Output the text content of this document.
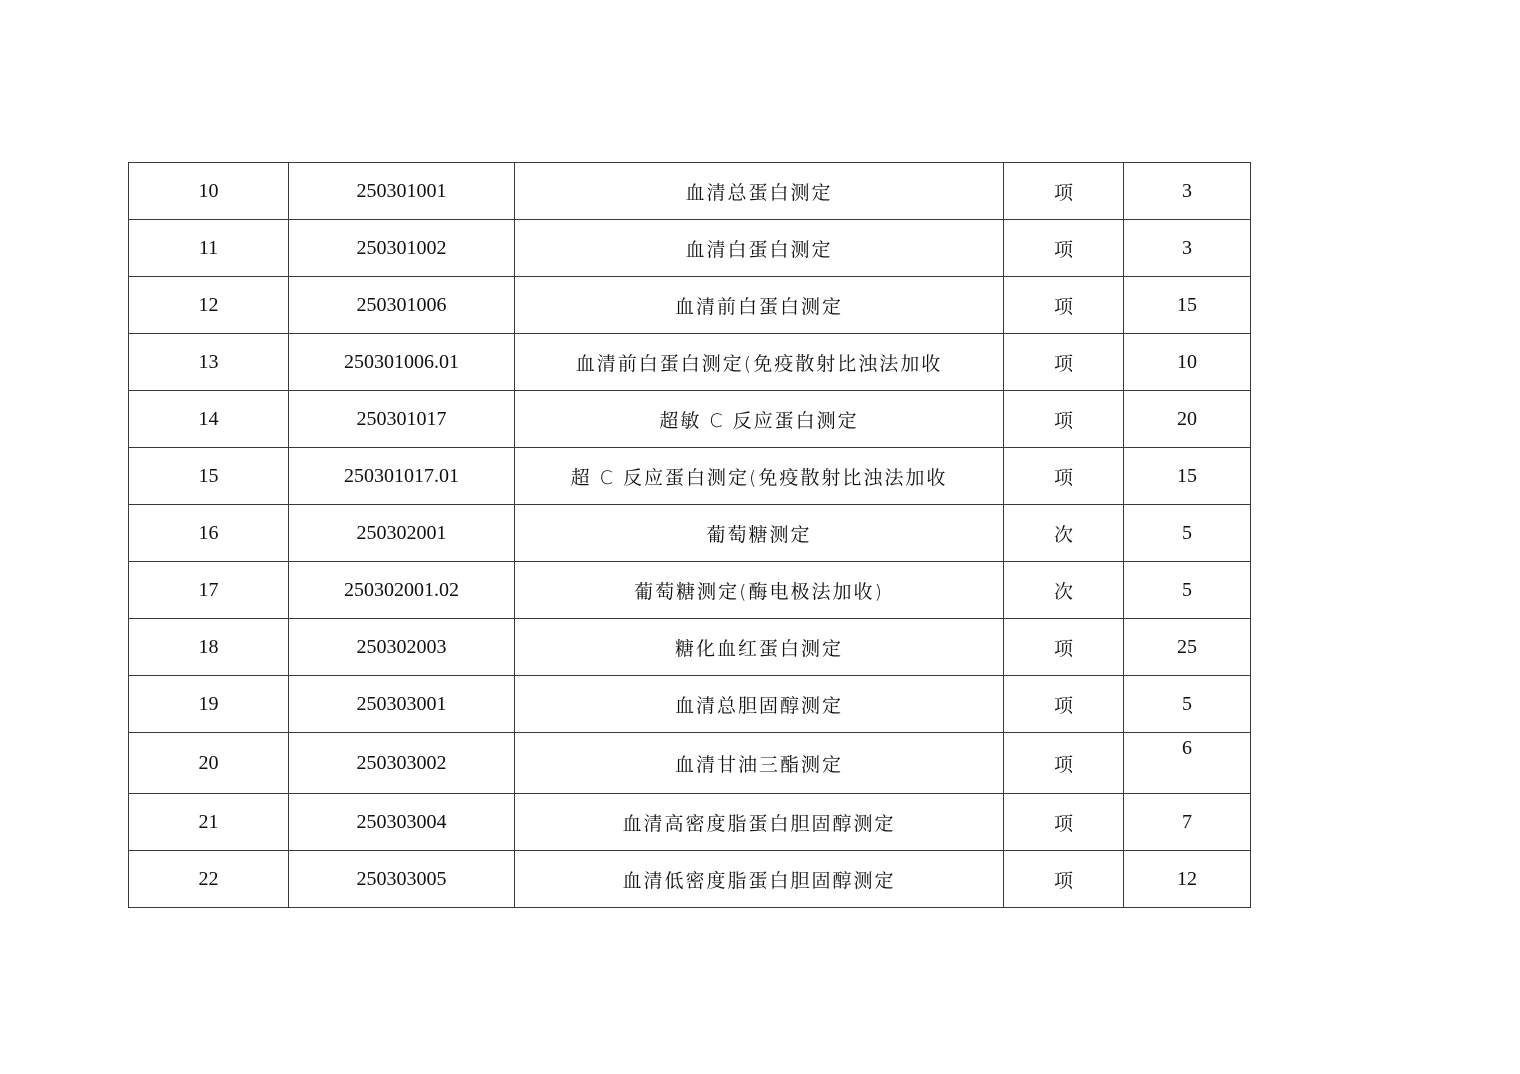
10	250301001	血清总蛋白测定	项	3
11	250301002	血清白蛋白测定	项	3
12	250301006	血清前白蛋白测定	项	15
13	250301006.01	血清前白蛋白测定(免疫散射比浊法加收	项	10
14	250301017	超敏 C 反应蛋白测定	项	20
15	250301017.01	超 C 反应蛋白测定(免疫散射比浊法加收	项	15
16	250302001	葡萄糖测定	次	5
17	250302001.02	葡萄糖测定(酶电极法加收)	次	5
18	250302003	糖化血红蛋白测定	项	25
19	250303001	血清总胆固醇测定	项	5
20	250303002	血清甘油三酯测定	项	6
21	250303004	血清高密度脂蛋白胆固醇测定	项	7
22	250303005	血清低密度脂蛋白胆固醇测定	项	12
